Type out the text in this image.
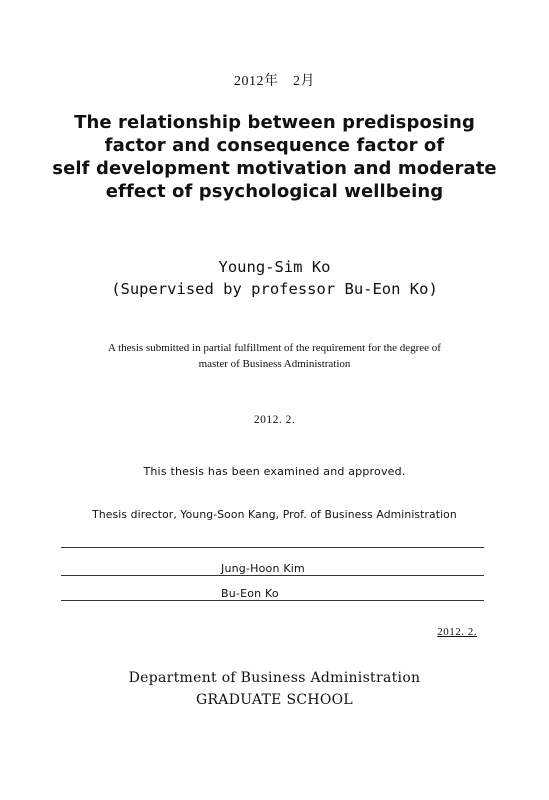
2012年　2月
The relationship between predisposing
factor and consequence factor of
self development motivation and moderate
effect of psychological wellbeing
Young-Sim Ko
(Supervised by professor Bu-Eon Ko)
A thesis submitted in partial fulfillment of the requirement for the degree of
master of Business Administration
2012. 2.
This thesis has been examined and approved.
Thesis director, Young-Soon Kang, Prof. of Business Administration
Jung-Hoon Kim
Bu-Eon Ko
2012. 2.
Department of Business Administration
GRADUATE SCHOOL
